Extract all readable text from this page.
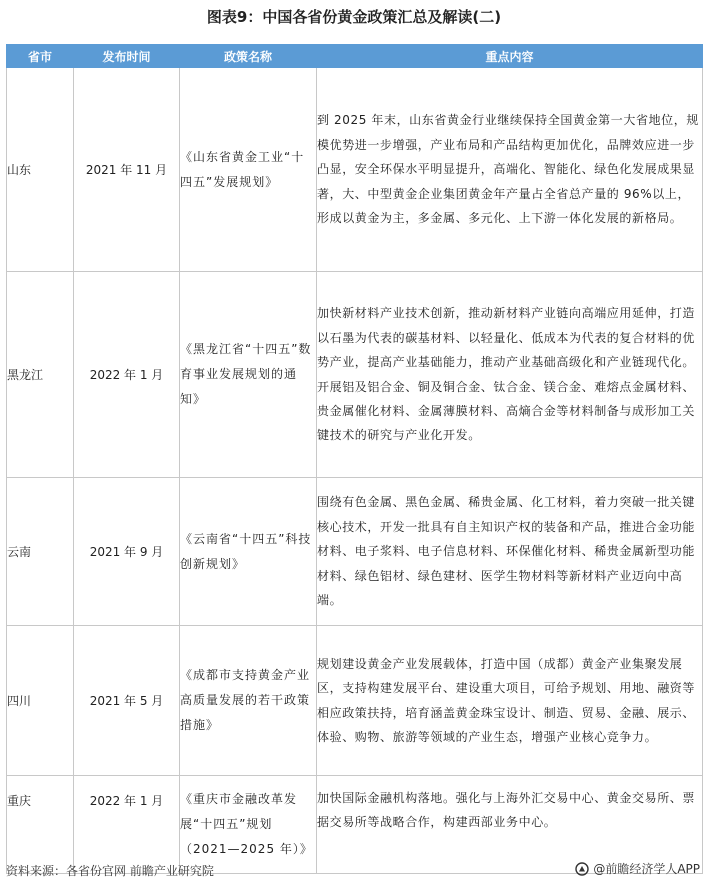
图表9：中国各省份黄金政策汇总及解读(二)
省市	发布时间	政策名称	重点内容
山东	2021 年 11 月	《山东省黄金工业“十四五”发展规划》	到 2025 年末，山东省黄金行业继续保持全国黄金第一大省地位，规模优势进一步增强，产业布局和产品结构更加优化，品牌效应进一步凸显，安全环保水平明显提升，高端化、智能化、绿色化发展成果显著，大、中型黄金企业集团黄金年产量占全省总产量的 96%以上，形成以黄金为主，多金属、多元化、上下游一体化发展的新格局。
黑龙江	2022 年 1 月	《黑龙江省“十四五”数育事业发展规划的通知》	加快新材料产业技术创新，推动新材料产业链向高端应用延伸，打造以石墨为代表的碳基材料、以轻量化、低成本为代表的复合材料的优势产业，提高产业基础能力，推动产业基础高级化和产业链现代化。开展铝及铝合金、铜及铜合金、钛合金、镁合金、难熔点金属材料、贵金属催化材料、金属薄膜材料、高熵合金等材料制备与成形加工关键技术的研究与产业化开发。
云南	2021 年 9 月	《云南省“十四五”科技创新规划》	围绕有色金属、黑色金属、稀贵金属、化工材料，着力突破一批关键核心技术，开发一批具有自主知识产权的装备和产品，推进合金功能材料、电子浆料、电子信息材料、环保催化材料、稀贵金属新型功能材料、绿色铝材、绿色建材、医学生物材料等新材料产业迈向中高端。
四川	2021 年 5 月	《成都市支持黄金产业高质量发展的若干政策措施》	规划建设黄金产业发展载体，打造中国（成都）黄金产业集聚发展区，支持构建发展平台、建设重大项目，可给予规划、用地、融资等相应政策扶持，培育涵盖黄金珠宝设计、制造、贸易、金融、展示、体验、购物、旅游等领域的产业生态，增强产业核心竞争力。
重庆	2022 年 1 月	《重庆市金融改革发展“十四五”规划（2021—2025 年）》	加快国际金融机构落地。强化与上海外汇交易中心、黄金交易所、票据交易所等战略合作，构建西部业务中心。
资料来源：各省份官网 前瞻产业研究院	@前瞻经济学人APP
